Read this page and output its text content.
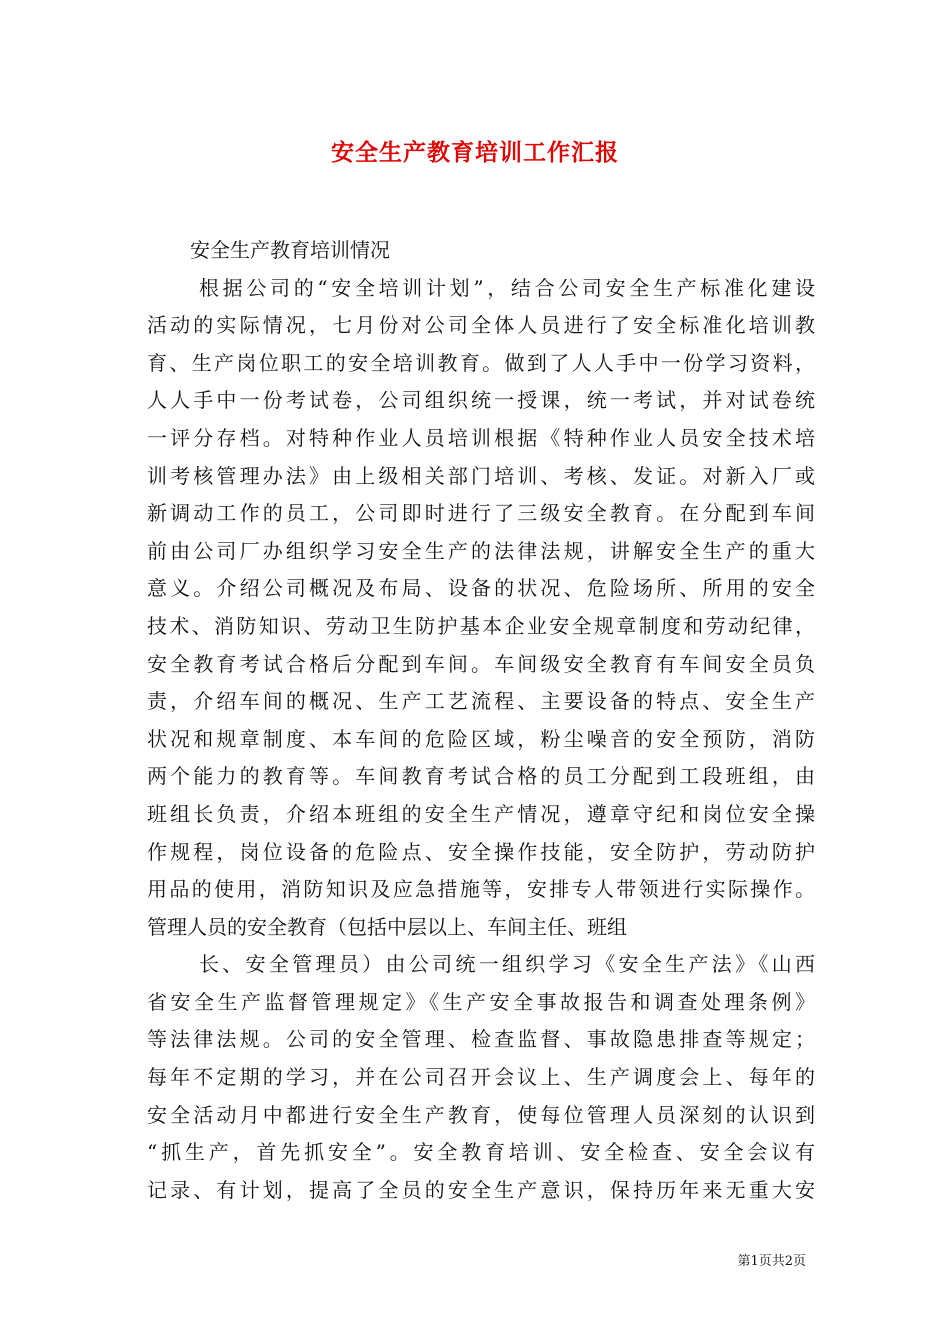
安全生产教育培训工作汇报
安全生产教育培训情况
根据公司的“安全培训计划”，结合公司安全生产标准化建设
活动的实际情况，七月份对公司全体人员进行了安全标准化培训教
育、生产岗位职工的安全培训教育。做到了人人手中一份学习资料，
人人手中一份考试卷，公司组织统一授课，统一考试，并对试卷统
一评分存档。对特种作业人员培训根据《特种作业人员安全技术培
训考核管理办法》由上级相关部门培训、考核、发证。对新入厂或
新调动工作的员工，公司即时进行了三级安全教育。在分配到车间
前由公司厂办组织学习安全生产的法律法规，讲解安全生产的重大
意义。介绍公司概况及布局、设备的状况、危险场所、所用的安全
技术、消防知识、劳动卫生防护基本企业安全规章制度和劳动纪律，
安全教育考试合格后分配到车间。车间级安全教育有车间安全员负
责，介绍车间的概况、生产工艺流程、主要设备的特点、安全生产
状况和规章制度、本车间的危险区域，粉尘噪音的安全预防，消防
两个能力的教育等。车间教育考试合格的员工分配到工段班组，由
班组长负责，介绍本班组的安全生产情况，遵章守纪和岗位安全操
作规程，岗位设备的危险点、安全操作技能，安全防护，劳动防护
用品的使用，消防知识及应急措施等，安排专人带领进行实际操作。
管理人员的安全教育（包括中层以上、车间主任、班组
长、安全管理员）由公司统一组织学习《安全生产法》《山西
省安全生产监督管理规定》《生产安全事故报告和调查处理条例》
等法律法规。公司的安全管理、检查监督、事故隐患排查等规定；
每年不定期的学习，并在公司召开会议上、生产调度会上、每年的
安全活动月中都进行安全生产教育，使每位管理人员深刻的认识到
“抓生产，首先抓安全”。安全教育培训、安全检查、安全会议有
记录、有计划，提高了全员的安全生产意识，保持历年来无重大安
第1页共2页
